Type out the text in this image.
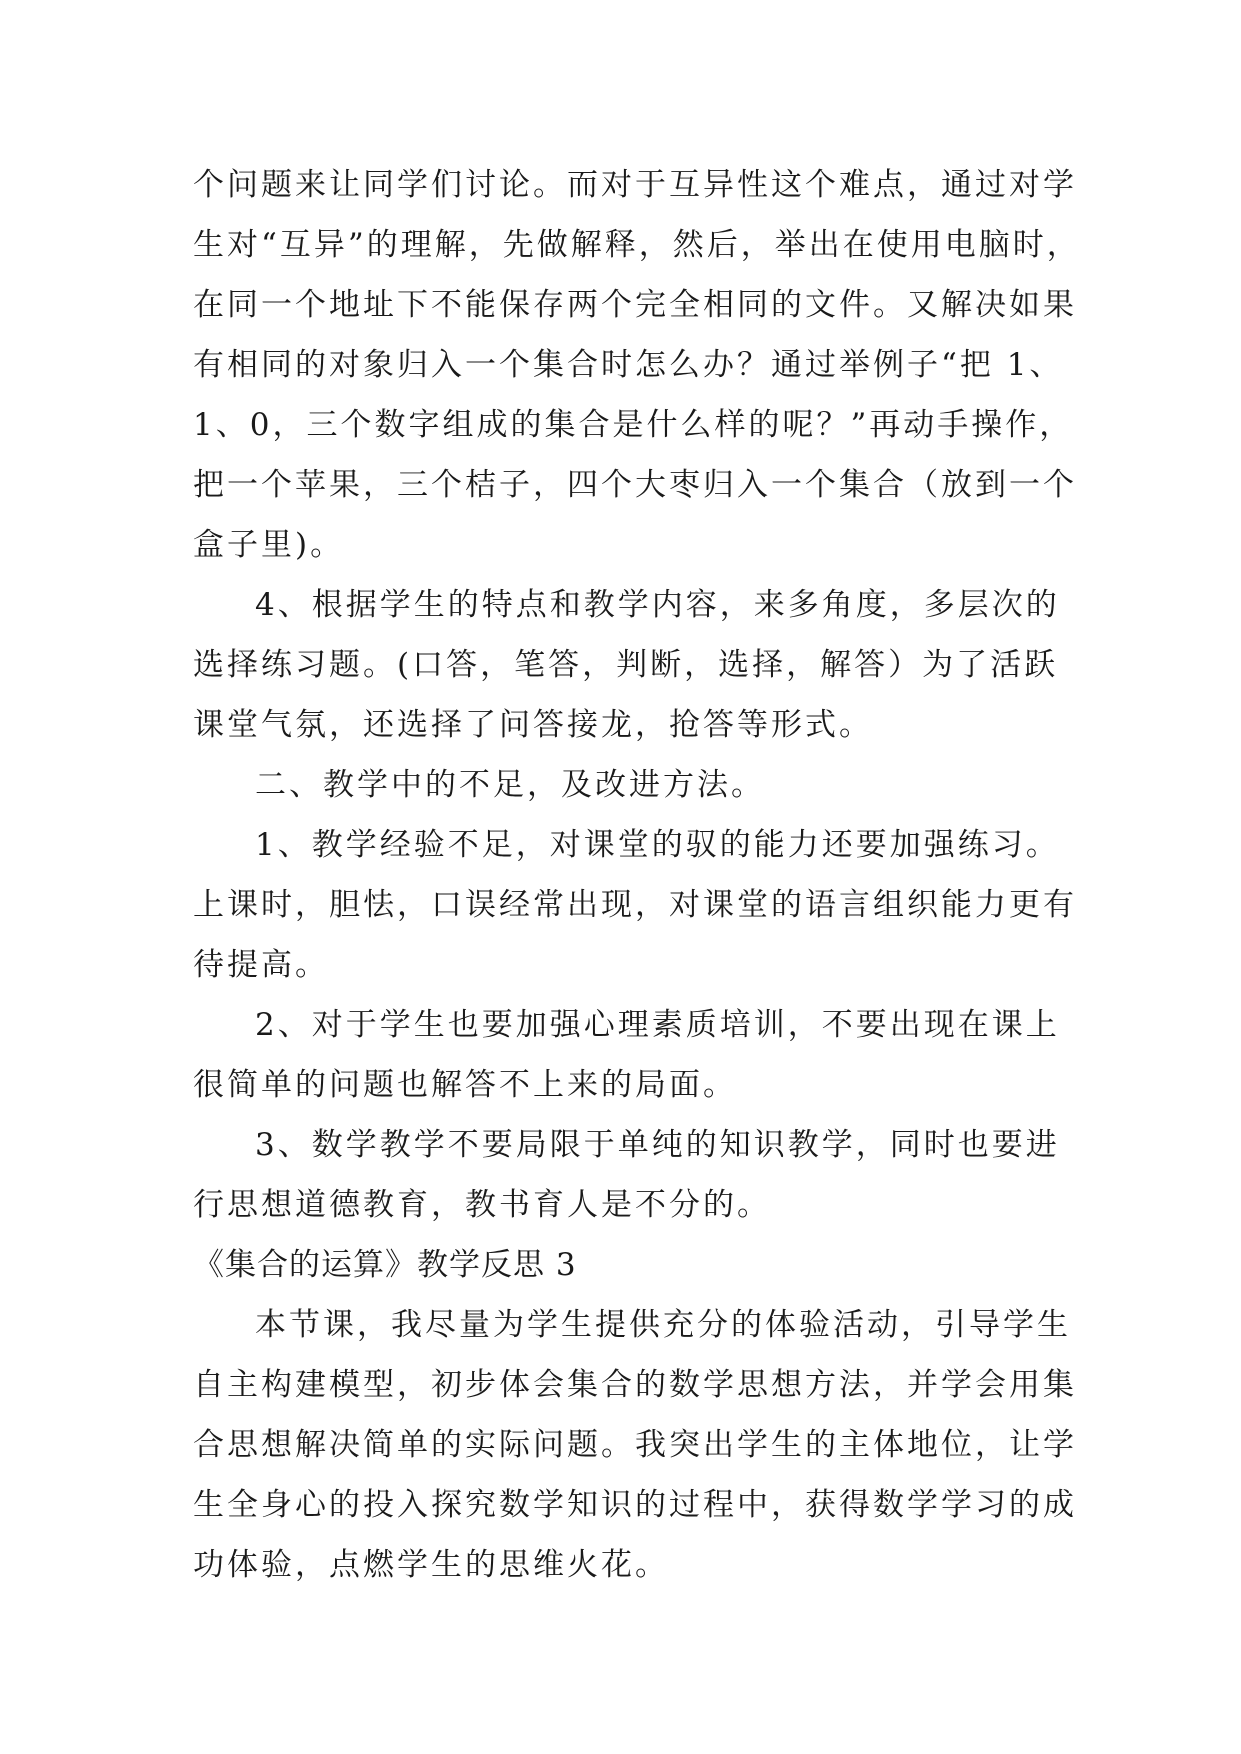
个问题来让同学们讨论。而对于互异性这个难点，通过对学
生对“互异”的理解，先做解释，然后，举出在使用电脑时，
在同一个地址下不能保存两个完全相同的文件。又解决如果
有相同的对象归入一个集合时怎么办？通过举例子“把 1、
1、0，三个数字组成的集合是什么样的呢？”再动手操作，
把一个苹果，三个桔子，四个大枣归入一个集合（放到一个
盒子里)。
4、根据学生的特点和教学内容，来多角度，多层次的
选择练习题。(口答，笔答，判断，选择，解答）为了活跃
课堂气氛，还选择了问答接龙，抢答等形式。
二、教学中的不足，及改进方法。
1、教学经验不足，对课堂的驭的能力还要加强练习。
上课时，胆怯，口误经常出现，对课堂的语言组织能力更有
待提高。
2、对于学生也要加强心理素质培训，不要出现在课上
很简单的问题也解答不上来的局面。
3、数学教学不要局限于单纯的知识教学，同时也要进
行思想道德教育，教书育人是不分的。
《集合的运算》教学反思 3
本节课，我尽量为学生提供充分的体验活动，引导学生
自主构建模型，初步体会集合的数学思想方法，并学会用集
合思想解决简单的实际问题。我突出学生的主体地位，让学
生全身心的投入探究数学知识的过程中，获得数学学习的成
功体验，点燃学生的思维火花。
